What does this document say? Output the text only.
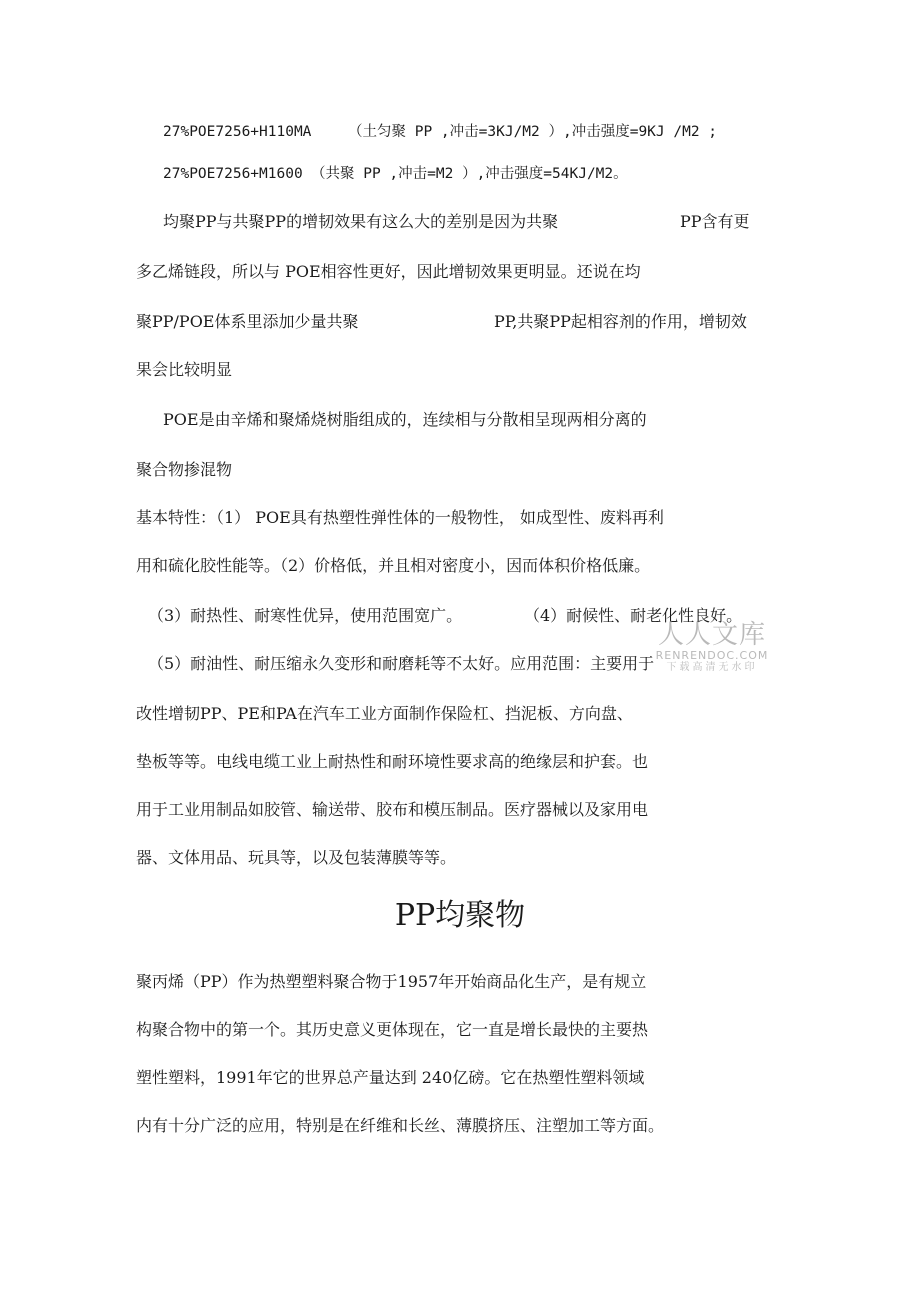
27%POE7256+H110MA	（土匀聚 PP ,冲击=3KJ/M2 ）,冲击强度=9KJ /M2 ;
27%POE7256+M1600 （共聚 PP ,冲击=M2 ）,冲击强度=54KJ/M2。
均聚PP与共聚PP的增韧效果有这么大的差别是因为共聚	PP含有更
多乙烯链段，所以与 POE相容性更好，因此增韧效果更明显。还说在均
聚PP/POE体系里添加少量共聚	PP,共聚PP起相容剂的作用，增韧效
果会比较明显
POE是由辛烯和聚烯烧树脂组成的，连续相与分散相呈现两相分离的
聚合物掺混物
基本特性：（1） POE具有热塑性弹性体的一般物性， 如成型性、废料再利
用和硫化胶性能等。（2）价格低，并且相对密度小，因而体积价格低廉。
（3）耐热性、耐寒性优异，使用范围宽广。	（4）耐候性、耐老化性良好。
（5）耐油性、耐压缩永久变形和耐磨耗等不太好。应用范围：主要用于
改性增韧PP、PE和PA在汽车工业方面制作保险杠、挡泥板、方向盘、
垫板等等。电线电缆工业上耐热性和耐环境性要求高的绝缘层和护套。也
用于工业用制品如胶管、输送带、胶布和模压制品。医疗器械以及家用电
器、文体用品、玩具等，以及包装薄膜等等。
PP均聚物
聚丙烯（PP）作为热塑塑料聚合物于1957年开始商品化生产，是有规立
构聚合物中的第一个。其历史意义更体现在，它一直是增长最快的主要热
塑性塑料，1991年它的世界总产量达到 240亿磅。它在热塑性塑料领域
内有十分广泛的应用，特别是在纤维和长丝、薄膜挤压、注塑加工等方面。
人人文库
RENRENDOC.COM
下载高清无水印
